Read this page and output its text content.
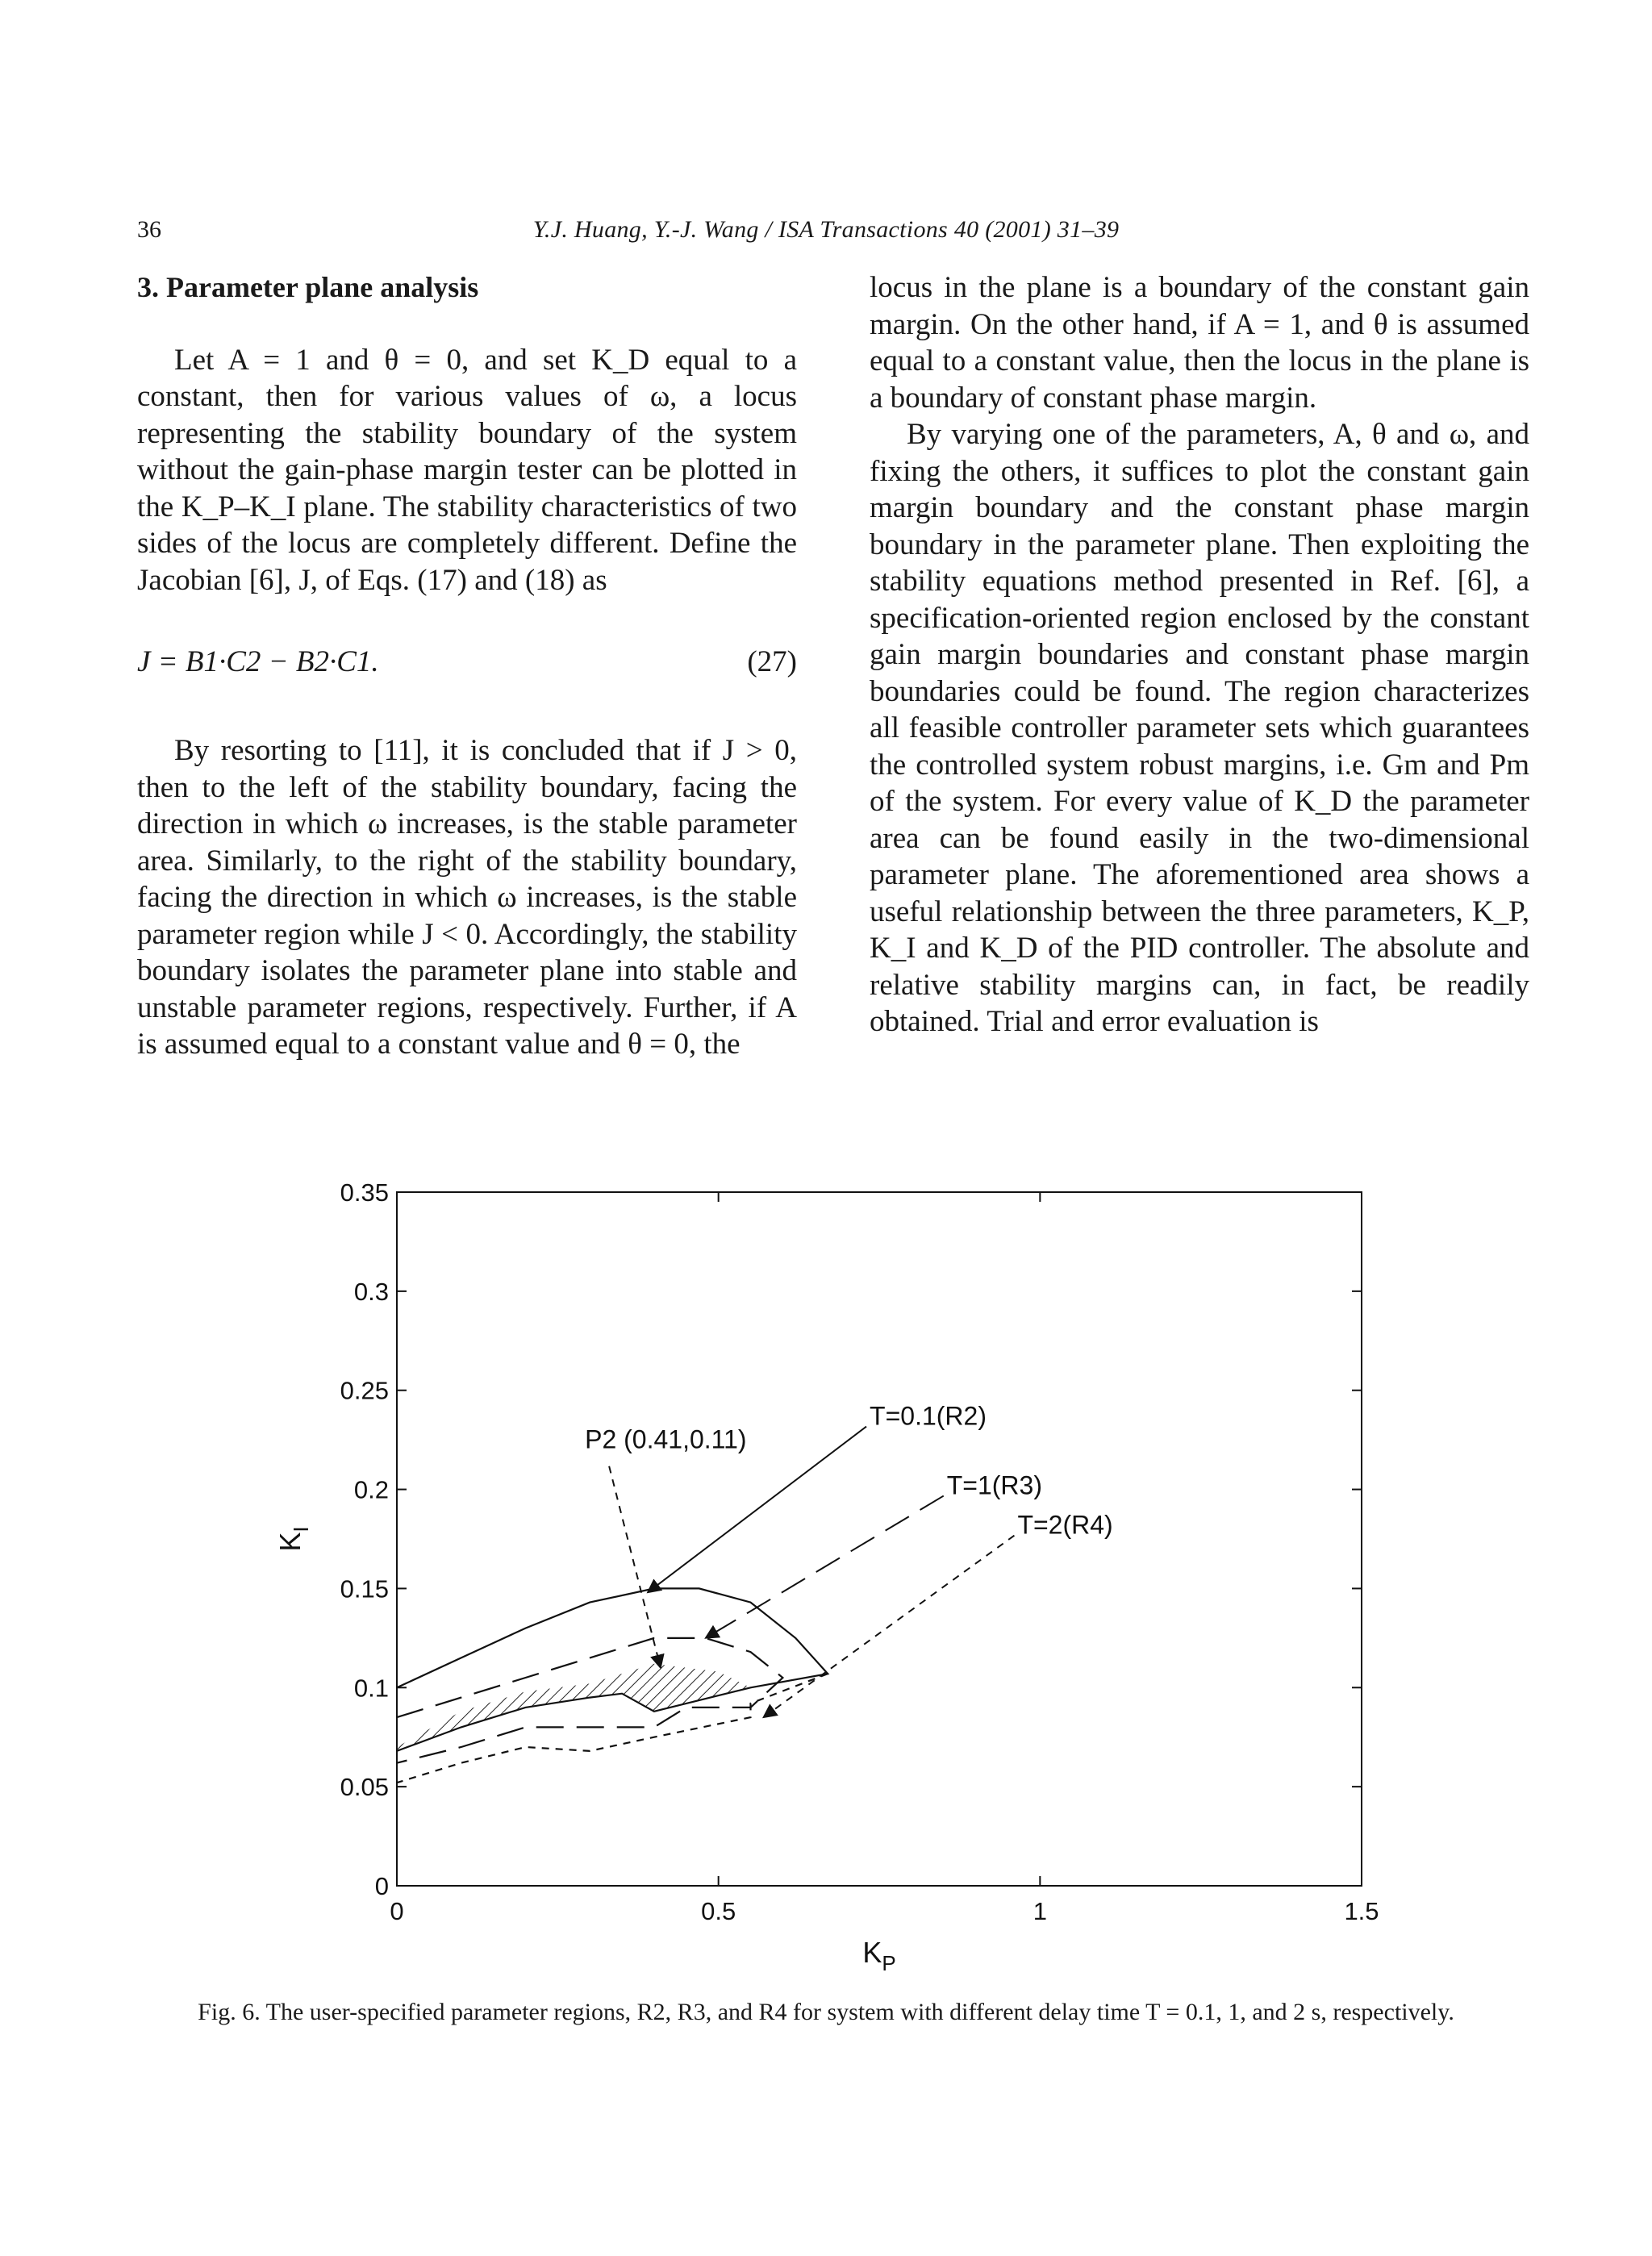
36	Y.J. Huang, Y.-J. Wang / ISA Transactions 40 (2001) 31–39
3. Parameter plane analysis

Let A = 1 and θ = 0, and set K_D equal to a constant, then for various values of ω, a locus representing the stability boundary of the system without the gain-phase margin tester can be plotted in the K_P–K_I plane. The stability characteristics of two sides of the locus are completely different. Define the Jacobian [6], J, of Eqs. (17) and (18) as

J = B1·C2 − B2·C1.	(27)

By resorting to [11], it is concluded that if J > 0, then to the left of the stability boundary, facing the direction in which ω increases, is the stable parameter area. Similarly, to the right of the stability boundary, facing the direction in which ω increases, is the stable parameter region while J < 0. Accordingly, the stability boundary isolates the parameter plane into stable and unstable parameter regions, respectively. Further, if A is assumed equal to a constant value and θ = 0, the

locus in the plane is a boundary of the constant gain margin. On the other hand, if A = 1, and θ is assumed equal to a constant value, then the locus in the plane is a boundary of constant phase margin.

By varying one of the parameters, A, θ and ω, and fixing the others, it suffices to plot the constant gain margin boundary and the constant phase margin boundary in the parameter plane. Then exploiting the stability equations method presented in Ref. [6], a specification-oriented region enclosed by the constant gain margin boundaries and constant phase margin boundaries could be found. The region characterizes all feasible controller parameter sets which guarantees the controlled system robust margins, i.e. Gm and Pm of the system. For every value of K_D the parameter area can be found easily in the two-dimensional parameter plane. The aforementioned area shows a useful relationship between the three parameters, K_P, K_I and K_D of the PID controller. The absolute and relative stability margins can, in fact, be readily obtained. Trial and error evaluation is

0
0.05
0.1
0.15
0.2
0.25
0.3
0.35
0	0.5	1	1.5
$K_P$
$K_I$
T=0.1(R2)
T=1(R3)
T=2(R4)
P2 (0.41,0.11)
Fig. 6. The user-specified parameter regions, R2, R3, and R4 for system with different delay time T = 0.1, 1, and 2 s, respectively.
